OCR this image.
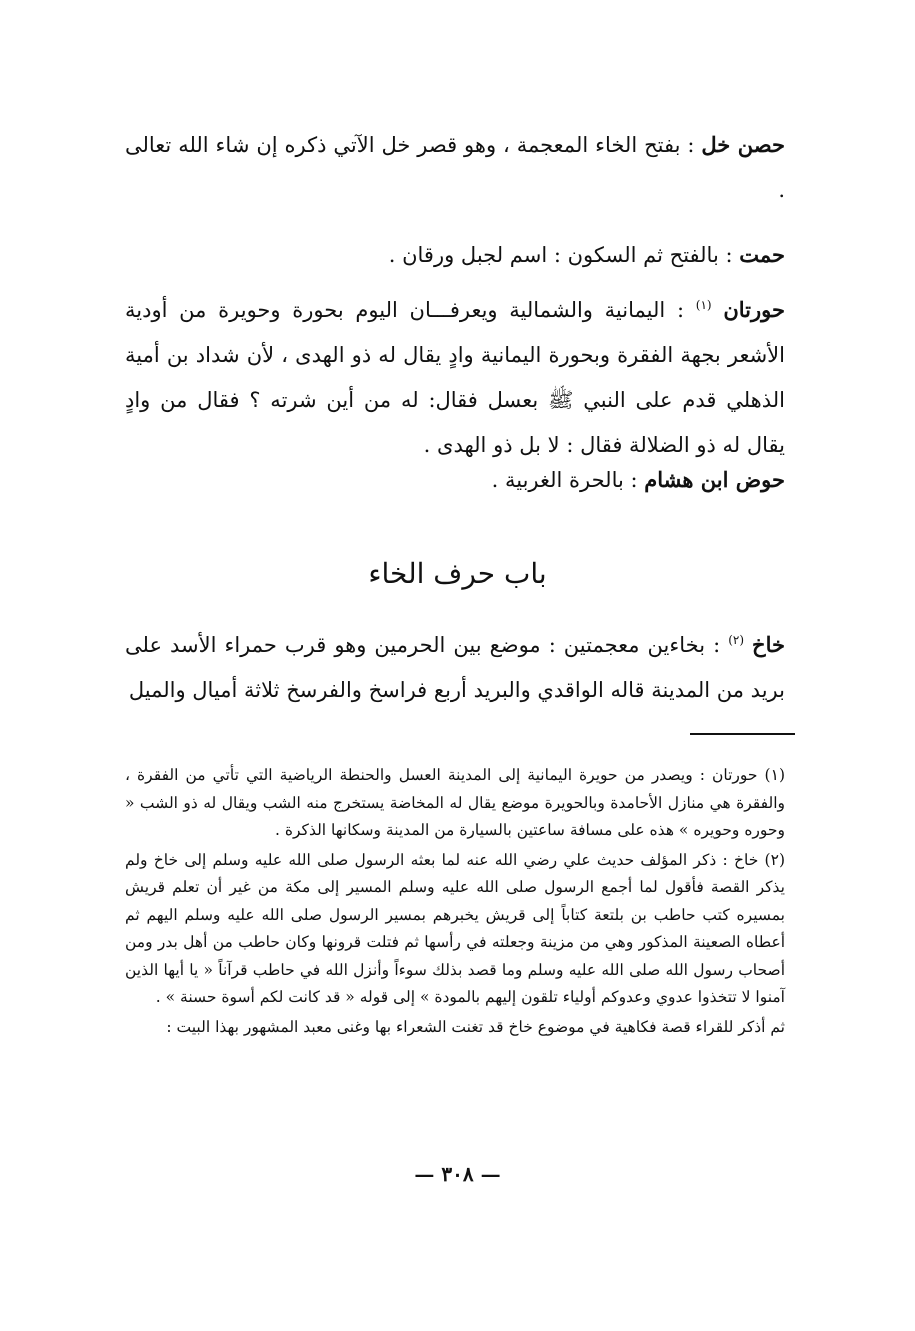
حصن خل : بفتح الخاء المعجمة ، وهو قصر خل الآتي ذكره إن شاء الله تعالى .

حمت : بالفتح ثم السكون : اسم لجبل ورقان .

حورتان $^{(١)}$ : اليمانية والشمالية ويعرفـــان اليوم بحورة وحويرة من أودية الأشعر بجهة الفقرة وبحورة اليمانية وادٍ يقال له ذو الهدى ، لأن شداد بن أمية الذهلي قدم على النبي ﷺ بعسل فقال: له من أين شرته ؟ فقال من وادٍ يقال له ذو الضلالة فقال : لا بل ذو الهدى .

حوض ابن هشام : بالحرة الغربية .

باب حرف الخاء

خاخ $^{(٢)}$ : بخاءين معجمتين : موضع بين الحرمين وهو قرب حمراء الأسد على بريد من المدينة قاله الواقدي والبريد أربع فراسخ والفرسخ ثلاثة أميال والميل

(١) حورتان : ويصدر من حويرة اليمانية إلى المدينة العسل والحنطة الرياضية التي تأتي من الفقرة ، والفقرة هي منازل الأحامدة وبالحويرة موضع يقال له المخاضة يستخرج منه الشب ويقال له ذو الشب « وحوره وحويره » هذه على مسافة ساعتين بالسيارة من المدينة وسكانها الذكرة .

(٢) خاخ : ذكر المؤلف حديث علي رضي الله عنه لما بعثه الرسول صلى الله عليه وسلم إلى خاخ ولم يذكر القصة فأقول لما أجمع الرسول صلى الله عليه وسلم المسير إلى مكة من غير أن تعلم قريش بمسيره كتب حاطب بن بلتعة كتاباً إلى قريش يخبرهم بمسير الرسول صلى الله عليه وسلم اليهم ثم أعطاه الصعينة المذكور وهي من مزينة وجعلته في رأسها ثم فتلت قرونها وكان حاطب من أهل بدر ومن أصحاب رسول الله صلى الله عليه وسلم وما قصد بذلك سوءاً وأنزل الله في حاطب قرآناً « يا أيها الذين آمنوا لا تتخذوا عدوي وعدوكم أولياء تلقون إليهم بالمودة » إلى قوله « قد كانت لكم أسوة حسنة » .

ثم أذكر للقراء قصة فكاهية في موضوع خاخ قد تغنت الشعراء بها وغنى معبد المشهور بهذا البيت :

— ٣٠٨ —
